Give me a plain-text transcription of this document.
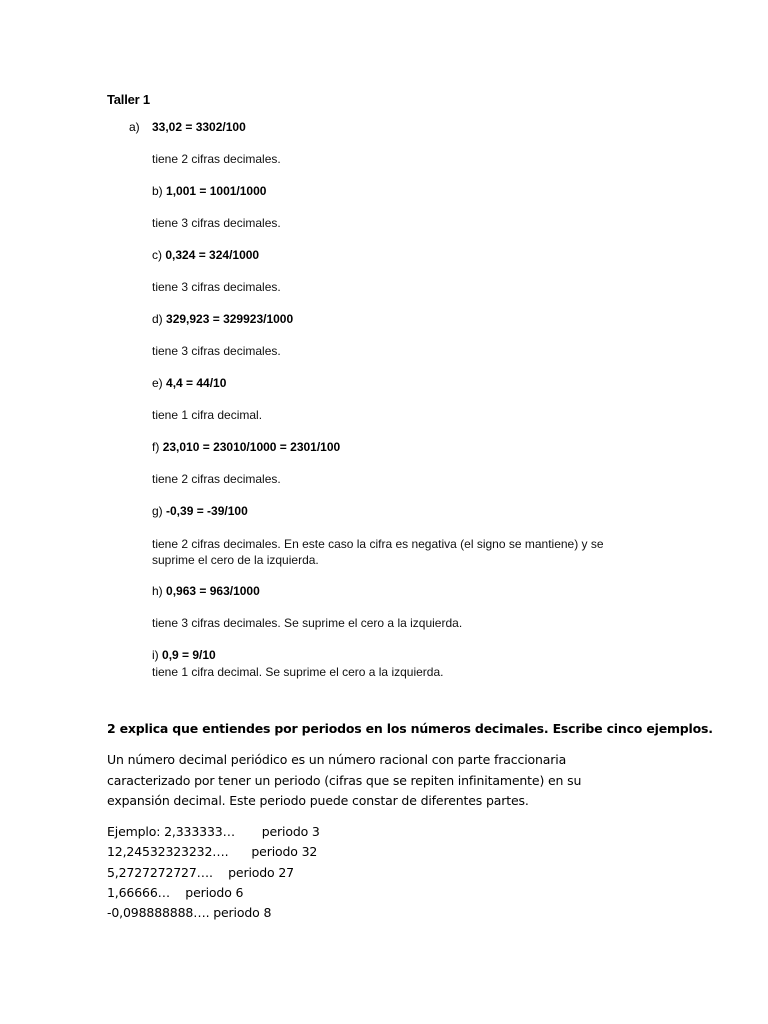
Taller 1
a) 33,02 = 3302/100
tiene 2 cifras decimales.
b) 1,001 = 1001/1000
tiene 3 cifras decimales.
c) 0,324 = 324/1000
tiene 3 cifras decimales.
d) 329,923 = 329923/1000
tiene 3 cifras decimales.
e) 4,4 = 44/10
tiene 1 cifra decimal.
f) 23,010 = 23010/1000 = 2301/100
tiene 2 cifras decimales.
g) -0,39 = -39/100
tiene 2 cifras decimales. En este caso la cifra es negativa (el signo se mantiene) y se suprime el cero de la izquierda.
h) 0,963 = 963/1000
tiene 3 cifras decimales. Se suprime el cero a la izquierda.
i) 0,9 = 9/10
tiene 1 cifra decimal. Se suprime el cero a la izquierda.
2 explica que entiendes por periodos en los números decimales. Escribe cinco ejemplos.
Un número decimal periódico es un número racional con parte fraccionaria caracterizado por tener un periodo (cifras que se repiten infinitamente) en su expansión decimal. Este periodo puede constar de diferentes partes.
Ejemplo: 2,333333… periodo 3
12,24532323232…. periodo 32
5,2727272727…. periodo 27
1,66666… periodo 6
-0,098888888…. periodo 8
